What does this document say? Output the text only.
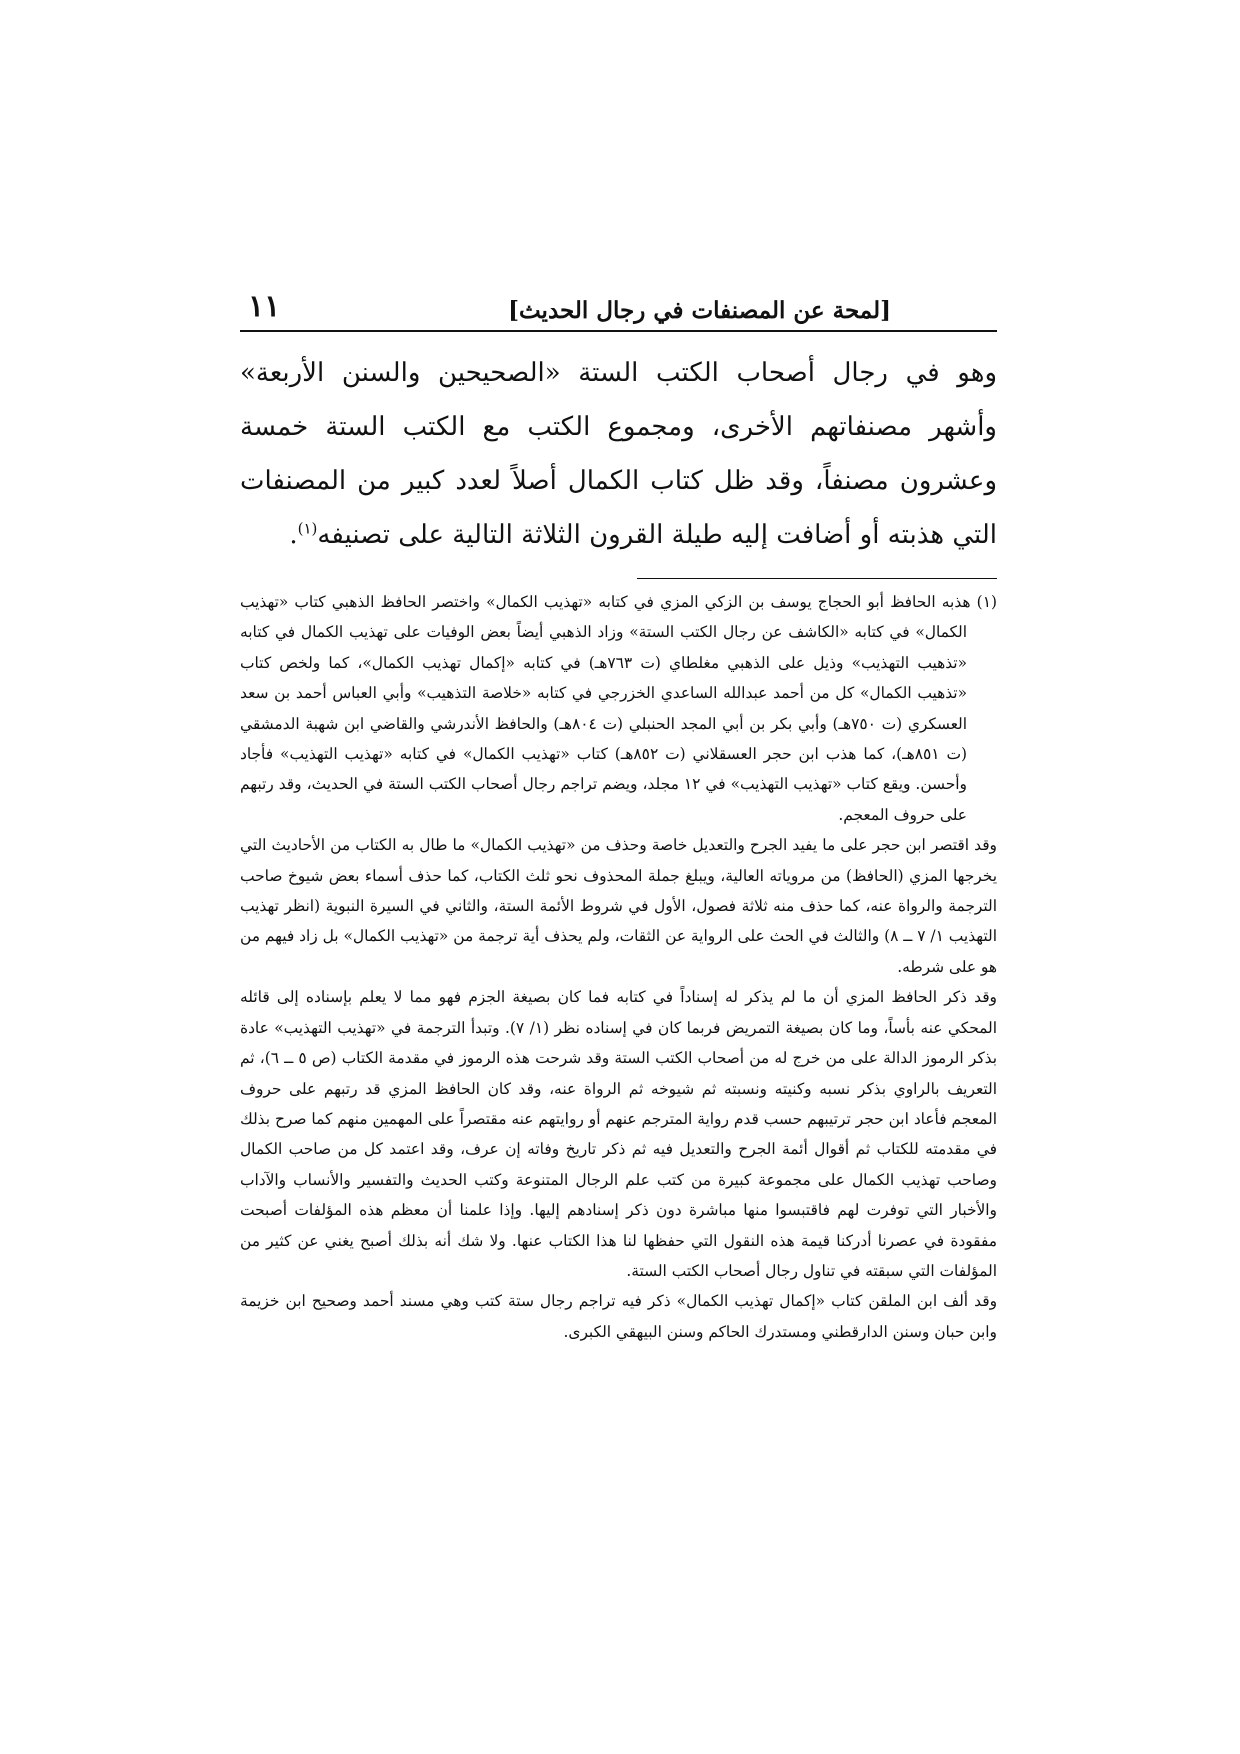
١١	[لمحة عن المصنفات في رجال الحديث]
وهو في رجال أصحاب الكتب الستة «الصحيحين والسنن الأربعة» وأشهر مصنفاتهم الأخرى، ومجموع الكتب مع الكتب الستة خمسة وعشرون مصنفاً، وقد ظل كتاب الكمال أصلاً لعدد كبير من المصنفات التي هذبته أو أضافت إليه طيلة القرون الثلاثة التالية على تصنيفه$^{(١)}$.

(١) هذبه الحافظ أبو الحجاج يوسف بن الزكي المزي في كتابه «تهذيب الكمال» واختصر الحافظ الذهبي كتاب «تهذيب الكمال» في كتابه «الكاشف عن رجال الكتب الستة» وزاد الذهبي أيضاً بعض الوفيات على تهذيب الكمال في كتابه «تذهيب التهذيب» وذيل على الذهبي مغلطاي (ت ٧٦٣هـ) في كتابه «إكمال تهذيب الكمال»، كما ولخص كتاب «تذهيب الكمال» كل من أحمد عبدالله الساعدي الخزرجي في كتابه «خلاصة التذهيب» وأبي العباس أحمد بن سعد العسكري (ت ٧٥٠هـ) وأبي بكر بن أبي المجد الحنبلي (ت ٨٠٤هـ) والحافظ الأندرشي والقاضي ابن شهبة الدمشقي (ت ٨٥١هـ)، كما هذب ابن حجر العسقلاني (ت ٨٥٢هـ) كتاب «تهذيب الكمال» في كتابه «تهذيب التهذيب» فأجاد وأحسن. ويقع كتاب «تهذيب التهذيب» في ١٢ مجلد، ويضم تراجم رجال أصحاب الكتب الستة في الحديث، وقد رتبهم على حروف المعجم.

وقد اقتصر ابن حجر على ما يفيد الجرح والتعديل خاصة وحذف من «تهذيب الكمال» ما طال به الكتاب من الأحاديث التي يخرجها المزي (الحافظ) من مروياته العالية، ويبلغ جملة المحذوف نحو ثلث الكتاب، كما حذف أسماء بعض شيوخ صاحب الترجمة والرواة عنه، كما حذف منه ثلاثة فصول، الأول في شروط الأئمة الستة، والثاني في السيرة النبوية (انظر تهذيب التهذيب ١/ ٧ ــ ٨) والثالث في الحث على الرواية عن الثقات، ولم يحذف أية ترجمة من «تهذيب الكمال» بل زاد فيهم من هو على شرطه.

وقد ذكر الحافظ المزي أن ما لم يذكر له إسناداً في كتابه فما كان بصيغة الجزم فهو مما لا يعلم بإسناده إلى قائله المحكي عنه بأساً، وما كان بصيغة التمريض فربما كان في إسناده نظر (١/ ٧). وتبدأ الترجمة في «تهذيب التهذيب» عادة بذكر الرموز الدالة على من خرج له من أصحاب الكتب الستة وقد شرحت هذه الرموز في مقدمة الكتاب (ص ٥ ــ ٦)، ثم التعريف بالراوي بذكر نسبه وكنيته ونسبته ثم شيوخه ثم الرواة عنه، وقد كان الحافظ المزي قد رتبهم على حروف المعجم فأعاد ابن حجر ترتيبهم حسب قدم رواية المترجم عنهم أو روايتهم عنه مقتصراً على المهمين منهم كما صرح بذلك في مقدمته للكتاب ثم أقوال أئمة الجرح والتعديل فيه ثم ذكر تاريخ وفاته إن عرف، وقد اعتمد كل من صاحب الكمال وصاحب تهذيب الكمال على مجموعة كبيرة من كتب علم الرجال المتنوعة وكتب الحديث والتفسير والأنساب والآداب والأخبار التي توفرت لهم فاقتبسوا منها مباشرة دون ذكر إسنادهم إليها. وإذا علمنا أن معظم هذه المؤلفات أصبحت مفقودة في عصرنا أدركنا قيمة هذه النقول التي حفظها لنا هذا الكتاب عنها. ولا شك أنه بذلك أصبح يغني عن كثير من المؤلفات التي سبقته في تناول رجال أصحاب الكتب الستة.

وقد ألف ابن الملقن كتاب «إكمال تهذيب الكمال» ذكر فيه تراجم رجال ستة كتب وهي مسند أحمد وصحيح ابن خزيمة وابن حبان وسنن الدارقطني ومستدرك الحاكم وسنن البيهقي الكبرى.
